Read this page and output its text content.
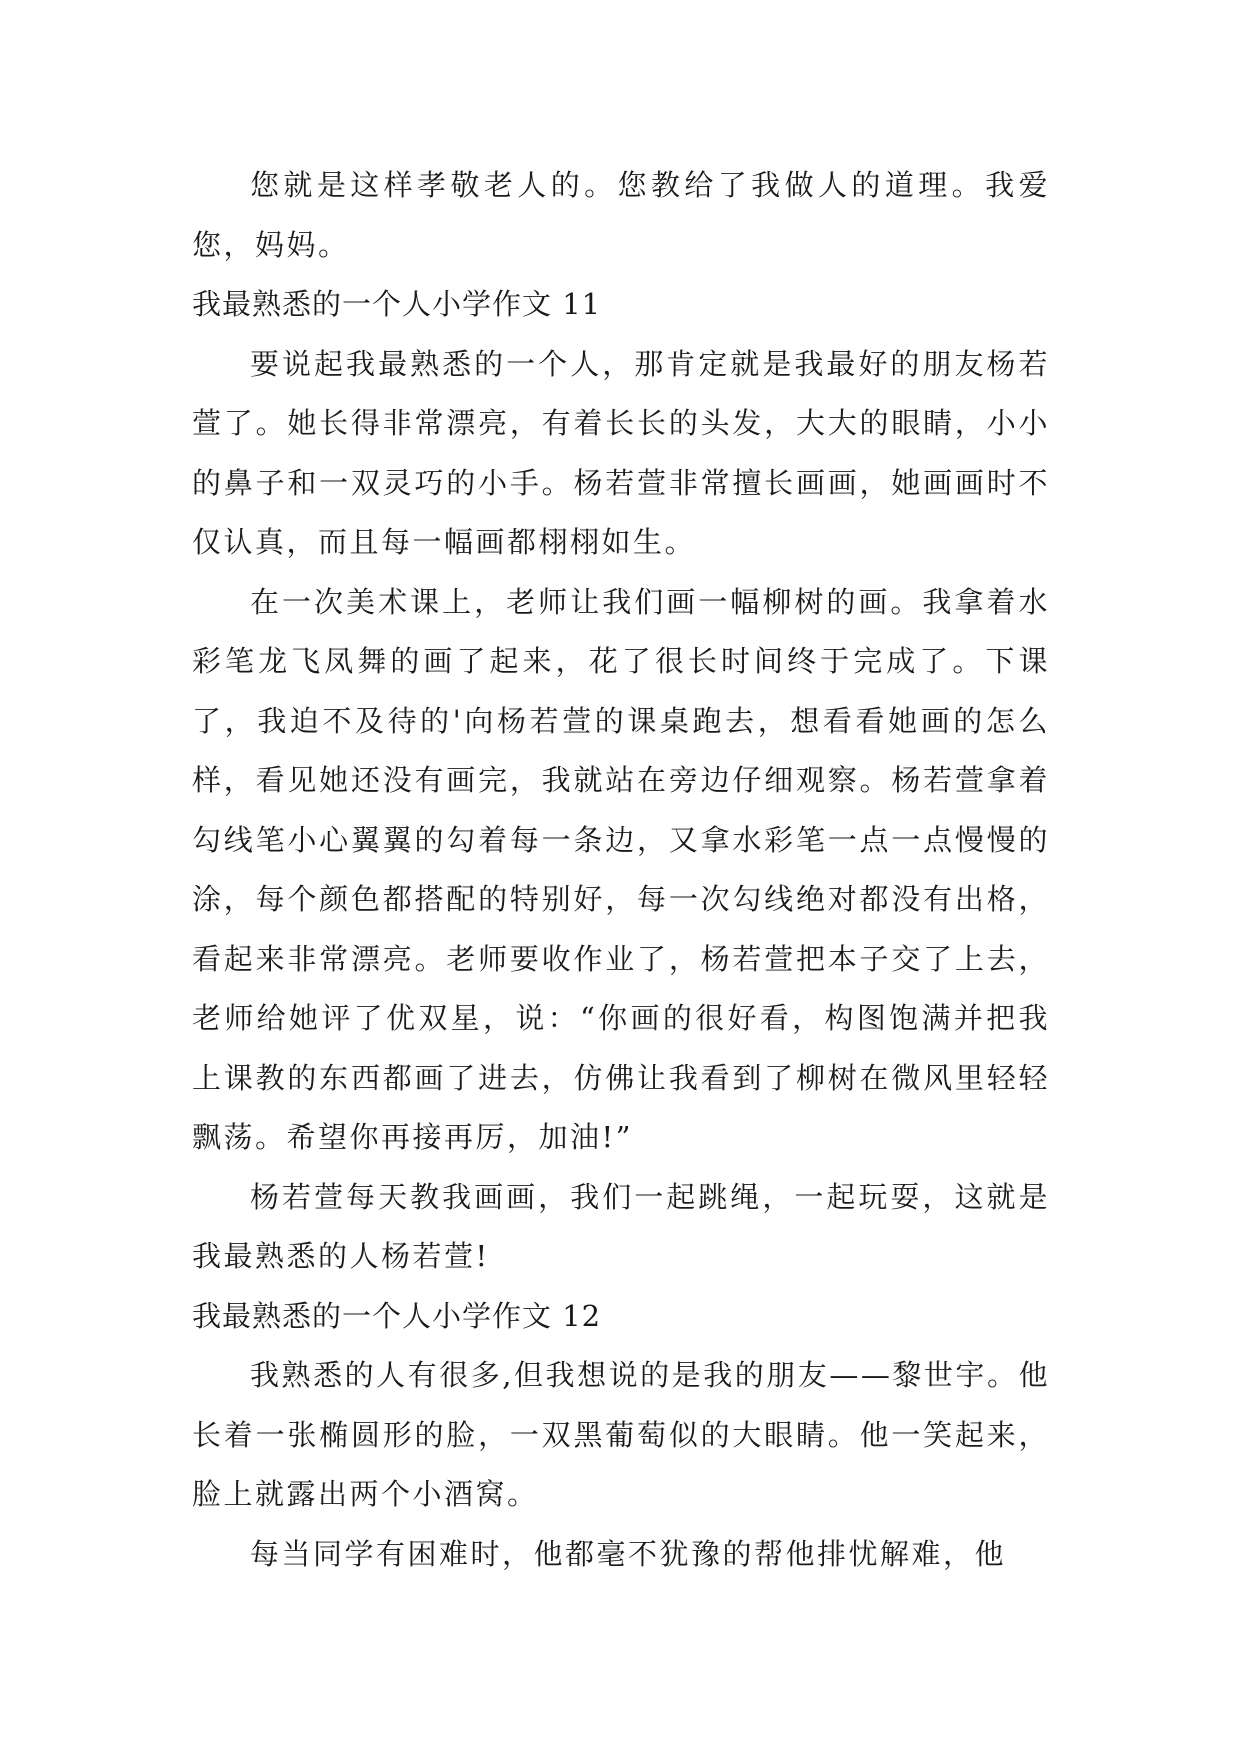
您就是这样孝敬老人的。您教给了我做人的道理。我爱您，妈妈。

我最熟悉的一个人小学作文 11

要说起我最熟悉的一个人，那肯定就是我最好的朋友杨若萱了。她长得非常漂亮，有着长长的头发，大大的眼睛，小小的鼻子和一双灵巧的小手。杨若萱非常擅长画画，她画画时不仅认真，而且每一幅画都栩栩如生。

在一次美术课上，老师让我们画一幅柳树的画。我拿着水彩笔龙飞凤舞的画了起来，花了很长时间终于完成了。下课了，我迫不及待的'向杨若萱的课桌跑去，想看看她画的怎么样，看见她还没有画完，我就站在旁边仔细观察。杨若萱拿着勾线笔小心翼翼的勾着每一条边，又拿水彩笔一点一点慢慢的涂，每个颜色都搭配的特别好，每一次勾线绝对都没有出格，看起来非常漂亮。老师要收作业了，杨若萱把本子交了上去，老师给她评了优双星，说：“你画的很好看，构图饱满并把我上课教的东西都画了进去，仿佛让我看到了柳树在微风里轻轻飘荡。希望你再接再厉，加油!”

杨若萱每天教我画画，我们一起跳绳，一起玩耍，这就是我最熟悉的人杨若萱!

我最熟悉的一个人小学作文 12

我熟悉的人有很多,但我想说的是我的朋友——黎世宇。他长着一张椭圆形的脸，一双黑葡萄似的大眼睛。他一笑起来，脸上就露出两个小酒窝。

每当同学有困难时，他都毫不犹豫的帮他排忧解难，他
